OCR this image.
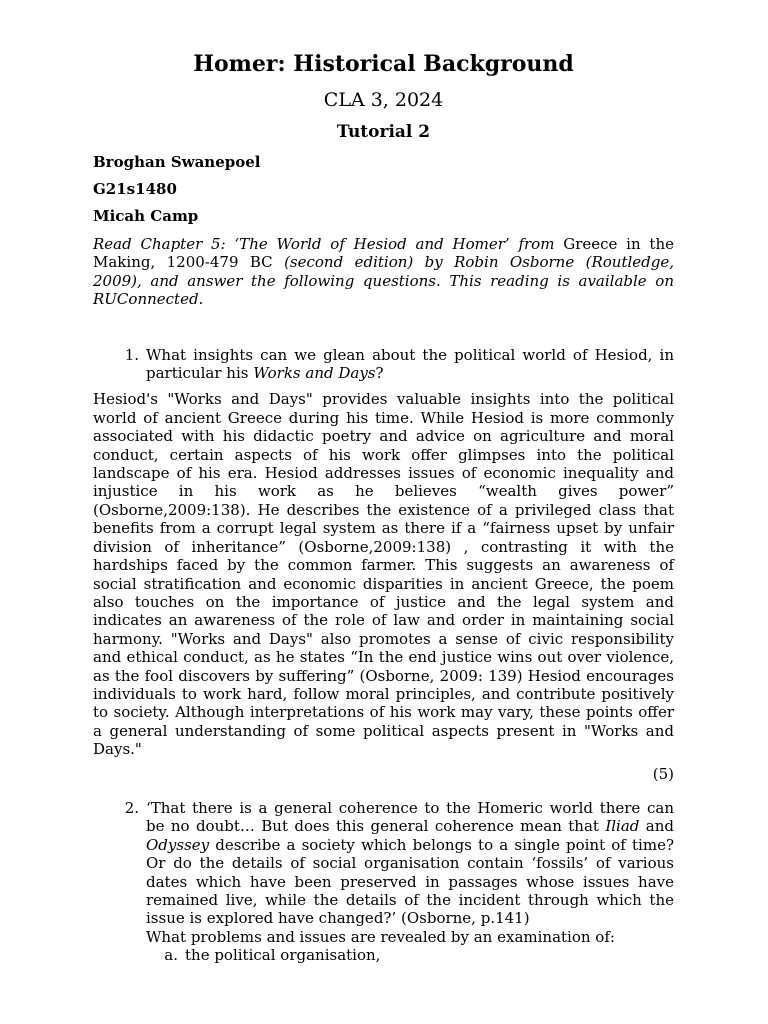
Homer: Historical Background

CLA 3, 2024

Tutorial 2

Broghan Swanepoel

G21s1480

Micah Camp

Read Chapter 5: ‘The World of Hesiod and Homer’ from Greece in the Making, 1200-479 BC (second edition) by Robin Osborne (Routledge, 2009), and answer the following questions. This reading is available on RUConnected.

1. What insights can we glean about the political world of Hesiod, in particular his Works and Days?

Hesiod's "Works and Days" provides valuable insights into the political world of ancient Greece during his time. While Hesiod is more commonly associated with his didactic poetry and advice on agriculture and moral conduct, certain aspects of his work offer glimpses into the political landscape of his era. Hesiod addresses issues of economic inequality and injustice in his work as he believes “wealth gives power” (Osborne,2009:138). He describes the existence of a privileged class that benefits from a corrupt legal system as there if a “fairness upset by unfair division of inheritance” (Osborne,2009:138) , contrasting it with the hardships faced by the common farmer. This suggests an awareness of social stratification and economic disparities in ancient Greece, the poem also touches on the importance of justice and the legal system and indicates an awareness of the role of law and order in maintaining social harmony. "Works and Days" also promotes a sense of civic responsibility and ethical conduct, as he states “In the end justice wins out over violence, as the fool discovers by suffering” (Osborne, 2009: 139) Hesiod encourages individuals to work hard, follow moral principles, and contribute positively to society. Although interpretations of his work may vary, these points offer a general understanding of some political aspects present in "Works and Days."

(5)

2. ‘That there is a general coherence to the Homeric world there can be no doubt… But does this general coherence mean that Iliad and Odyssey describe a society which belongs to a single point of time? Or do the details of social organisation contain ‘fossils’ of various dates which have been preserved in passages whose issues have remained live, while the details of the incident through which the issue is explored have changed?’ (Osborne, p.141)
What problems and issues are revealed by an examination of:
a. the political organisation,
